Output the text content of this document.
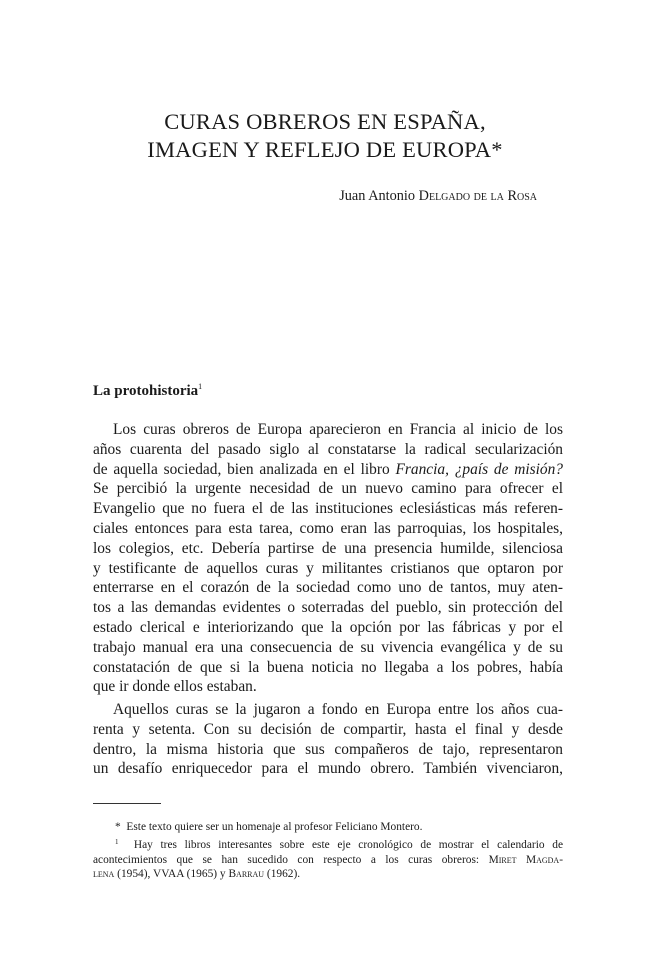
CURAS OBREROS EN ESPAÑA,
IMAGEN Y REFLEJO DE EUROPA*
Juan Antonio Delgado de la Rosa
La protohistoria$^1$
Los curas obreros de Europa aparecieron en Francia al inicio de los
años cuarenta del pasado siglo al constatarse la radical secularización
de aquella sociedad, bien analizada en el libro Francia, ¿país de misión?
Se percibió la urgente necesidad de un nuevo camino para ofrecer el
Evangelio que no fuera el de las instituciones eclesiásticas más referen-
ciales entonces para esta tarea, como eran las parroquias, los hospitales,
los colegios, etc. Debería partirse de una presencia humilde, silenciosa
y testificante de aquellos curas y militantes cristianos que optaron por
enterrarse en el corazón de la sociedad como uno de tantos, muy aten-
tos a las demandas evidentes o soterradas del pueblo, sin protección del
estado clerical e interiorizando que la opción por las fábricas y por el
trabajo manual era una consecuencia de su vivencia evangélica y de su
constatación de que si la buena noticia no llegaba a los pobres, había
que ir donde ellos estaban.
Aquellos curas se la jugaron a fondo en Europa entre los años cua-
renta y setenta. Con su decisión de compartir, hasta el final y desde
dentro, la misma historia que sus compañeros de tajo, representaron
un desafío enriquecedor para el mundo obrero. También vivenciaron,
* Este texto quiere ser un homenaje al profesor Feliciano Montero.
$^1$ Hay tres libros interesantes sobre este eje cronológico de mostrar el calendario de
acontecimientos que se han sucedido con respecto a los curas obreros: Miret Magda-
lena (1954), VVAA (1965) y Barrau (1962).
